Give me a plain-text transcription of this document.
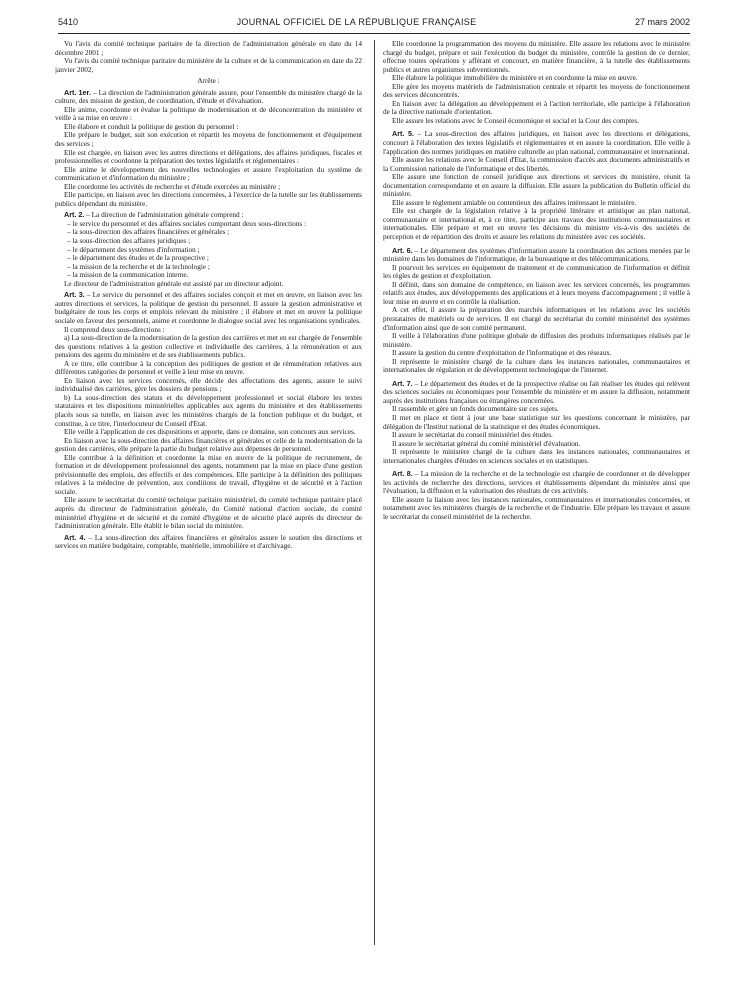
5410	JOURNAL OFFICIEL DE LA RÉPUBLIQUE FRANÇAISE	27 mars 2002

Vu l'avis du comité technique paritaire de la direction de l'administration générale en date du 14 décembre 2001 ;

Vu l'avis du comité technique paritaire du ministère de la culture et de la communication en date du 22 janvier 2002,

Arrête :

Art. 1er. – La direction de l'administration générale assure, pour l'ensemble du ministère chargé de la culture, des mission de gestion, de coordination, d'étude et d'évaluation.

Elle anime, coordonne et évalue la politique de modernisation et de déconcentration du ministère et veille à sa mise en œuvre :

Elle élabore et conduit la politique de gestion du personnel :

Elle prépare le budget, suit son exécution et répartit les moyens de fonctionnement et d'équipement des services ;

Elle est chargée, en liaison avec les autres directions et délégations, des affaires juridiques, fiscales et professionnelles et coordonne la préparation des textes législatifs et réglementaires :

Elle anime le développement des nouvelles technologies et assure l'exploitation du système de communication et d'information du ministère ;

Elle coordonne les activités de recherche et d'étude exercées au ministère ;

Elle participe, en liaison avec les directions concernées, à l'exercice de la tutelle sur les établissements publics dépendant du ministère.

Art. 2. – La direction de l'administration générale comprend :

– le service du personnel et des affaires sociales comportant deux sous-directions :
– la sous-direction des affaires financières et générales ;
– la sous-direction des affaires juridiques ;
– le département des systèmes d'information ;
– le département des études et de la prospective ;
– la mission de la recherche et de la technologie ;
– la mission de la communication interne.

Le directeur de l'administration générale est assisté par un directeur adjoint.

Art. 3. – Le service du personnel et des affaires sociales conçoit et met en œuvre, en liaison avec les autres directions et services, la politique de gestion du personnel. Il assure la gestion administrative et budgétaire de tous les corps et emplois relevant du ministère ; il élabore et met en œuvre la politique sociale en faveur des personnels, anime et coordonne le dialogue social avec les organisations syndicales.

Il comprend deux sous-directions :

a) La sous-direction de la modernisation de la gestion des carrières et met en est chargée de l'ensemble des questions relatives à la gestion collective et individuelle des carrières, à la rémunération et aux pensions des agents du ministère et de ses établissements publics.

A ce titre, elle contribue à la conception des politiques de gestion et de rémunération relatives aux différentes catégories de personnel et veille à leur mise en œuvre.

En liaison avec les services concernés, elle décide des affectations des agents, assure le suivi individualisé des carrières, gère les dossiers de pensions ;

b) La sous-direction des statuts et du développement professionnel et social élabore les textes statutaires et les dispositions ministérielles applicables aux agents du ministère et des établissements placés sous sa tutelle, en liaison avec les ministères chargés de la fonction publique et du budget, et constitue, à ce titre, l'interlocuteur du Conseil d'Etat.

Elle veille à l'application de ces dispositions et apporte, dans ce domaine, son concours aux services.

En liaison avec la sous-direction des affaires financières et générales et celle de la modernisation de la gestion des carrières, elle prépare la partie du budget relative aux dépenses de personnel.

Elle contribue à la définition et coordonne la mise en œuvre de la politique de recrutement, de formation et de développement professionnel des agents, notamment par la mise en place d'une gestion prévisionnelle des emplois, des effectifs et des compétences. Elle participe à la définition des politiques relatives à la médecine de prévention, aux conditions de travail, d'hygiène et de sécurité et à l'action sociale.

Elle assure le secrétariat du comité technique paritaire ministériel, du comité technique paritaire placé auprès du directeur de l'administration générale, du Comité national d'action sociale, du comité ministériel d'hygiène et de sécurité et du comité d'hygiène et de sécurité placé auprès du directeur de l'administration générale. Elle établit le bilan social du ministère.

Art. 4. – La sous-direction des affaires financières et générales assure le soutien des directions et services en matière budgétaire, comptable, matérielle, immobilière et d'archivage.

Elle coordonne la programmation des moyens du ministère. Elle assure les relations avec le ministère chargé du budget, prépare et suit l'exécution du budget du ministère, contrôle la gestion de ce dernier, effectue toutes opérations y afférant et concourt, en matière financière, à la tutelle des établissements publics et autres organismes subventionnés.

Elle élabore la politique immobilière du ministère et en coordonne la mise en œuvre.

Elle gère les moyens matériels de l'administration centrale et répartit les moyens de fonctionnement des services déconcentrés.

En liaison avec la délégation au développement et à l'action territoriale, elle participe à l'élaboration de la directive nationale d'orientation.

Elle assure les relations avec le Conseil économique et social et la Cour des comptes.

Art. 5. – La sous-direction des affaires juridiques, en liaison avec les directions et délégations, concourt à l'élaboration des textes législatifs et réglementaires et en assure la coordination. Elle veille à l'application des normes juridiques en matière culturelle au plan national, communautaire et international.

Elle assure les relations avec le Conseil d'Etat, la commission d'accès aux documents administratifs et la Commission nationale de l'informatique et des libertés.

Elle assure une fonction de conseil juridique aux directions et services du ministère, réunit la documentation correspondante et en assure la diffusion. Elle assure la publication du Bulletin officiel du ministère.

Elle assure le règlement amiable ou contentieux des affaires intéressant le ministère.

Elle est chargée de la législation relative à la propriété littéraire et artistique au plan national, communautaire et international et, à ce titre, participe aux travaux des institutions communautaires et internationales. Elle prépare et met en œuvre les décisions du ministre vis-à-vis des sociétés de perception et de répartition des droits et assure les relations du ministère avec ces sociétés.

Art. 6. – Le département des systèmes d'information assure la coordination des actions menées par le ministère dans les domaines de l'informatique, de la bureautique et des télécommunications.

Il pourvoit les services en équipement de traitement et de communication de l'information et définit les règles de gestion et d'exploitation.

Il définit, dans son domaine de compétence, en liaison avec les services concernés, les programmes relatifs aux études, aux développements des applications et à leurs moyens d'accompagnement ; il veille à leur mise en œuvre et en contrôle la réalisation.

A cet effet, il assure la préparation des marchés informatiques et les relations avec les sociétés prestataires de matériels ou de services. Il est chargé du secrétariat du comité ministériel des systèmes d'information ainsi que de son comité permanent.

Il veille à l'élaboration d'une politique globale de diffusion des produits informatiques réalisés par le ministère.

Il assure la gestion du centre d'exploitation de l'informatique et des réseaux.

Il représente le ministère chargé de la culture dans les instances nationales, communautaires et internationales de régulation et de développement technologique de l'internet.

Art. 7. – Le département des études et de la prospective réalise ou fait réaliser les études qui relèvent des sciences sociales ou économiques pour l'ensemble du ministère et en assure la diffusion, notamment auprès des institutions françaises ou étrangères concernées.

Il rassemble et gère un fonds documentaire sur ces sujets.

Il met en place et tient à jour une base statistique sur les questions concernant le ministère, par délégation de l'Institut national de la statistique et des études économiques.

Il assure le secrétariat du conseil ministériel des études.

Il assure le secrétariat général du comité ministériel d'évaluation.

Il représente le ministère chargé de la culture dans les instances nationales, communautaires et internationales chargées d'études en sciences sociales et en statistiques.

Art. 8. – La mission de la recherche et de la technologie est chargée de coordonner et de développer les activités de recherche des directions, services et établissements dépendant du ministère ainsi que l'évaluation, la diffusion et la valorisation des résultats de ces activités.

Elle assure la liaison avec les instances nationales, communautaires et internationales concernées, et notamment avec les ministères chargés de la recherche et de l'industrie. Elle prépare les travaux et assure le secrétariat du conseil ministériel de la recherche.
